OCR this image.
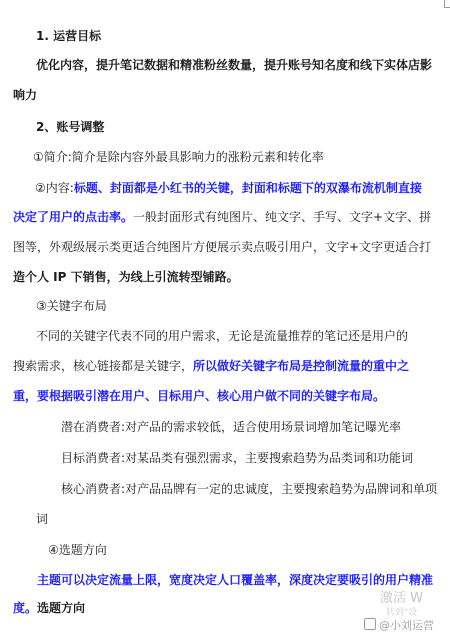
1. 运营目标
优化内容，提升笔记数据和精准粉丝数量，提升账号知名度和线下实体店影
响力
2、账号调整
①简介:简介是除内容外最具影响力的涨粉元素和转化率
②内容:标题、封面都是小红书的关键，封面和标题下的双瀑布流机制直接
决定了用户的点击率。一般封面形式有纯图片、纯文字、手写、文字+文字、拼
图等，外观级展示类更适合纯图片方便展示卖点吸引用户，文字+文字更适合打
造个人 IP 下销售，为线上引流转型铺路。
③关键字布局
不同的关键字代表不同的用户需求，无论是流量推荐的笔记还是用户的
搜索需求，核心链接都是关键字，所以做好关键字布局是控制流量的重中之
重，要根据吸引潜在用户、目标用户、核心用户做不同的关键字布局。
潜在消费者:对产品的需求较低，适合使用场景词增加笔记曝光率
目标消费者:对某品类有强烈需求，主要搜索趋势为品类词和功能词
核心消费者:对产品品牌有一定的忠诚度，主要搜索趋势为品牌词和单项
词
④选题方向
主题可以决定流量上限，宽度决定人口覆盖率，深度决定要吸引的用户精准
度。选题方向
激活 W
转到"设
@小刘运营
